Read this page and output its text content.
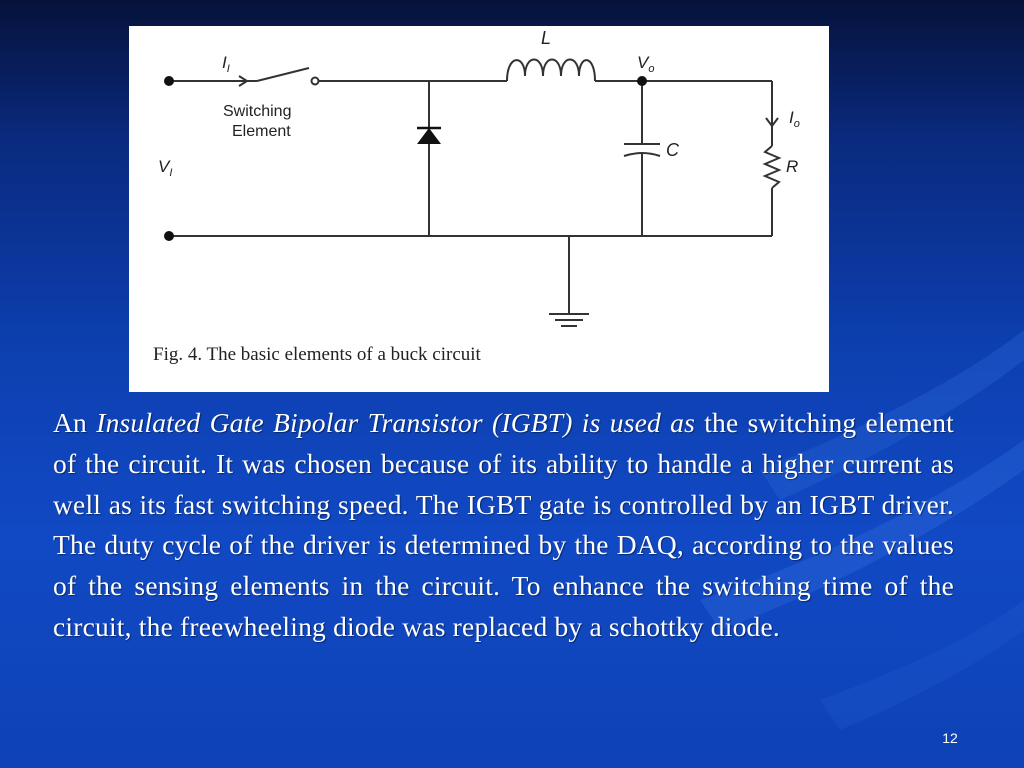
$I_I$
Switching
Element
$V_I$
L
$V_o$
C
$I_o$
R
Fig. 4. The basic elements of a buck circuit
An Insulated Gate Bipolar Transistor (IGBT) is used as the switching element of the circuit. It was chosen because of its ability to handle a higher current as well as its fast switching speed. The IGBT gate is controlled by an IGBT driver. The duty cycle of the driver is determined by the DAQ, according to the values of the sensing elements in the circuit. To enhance the switching time of the circuit, the freewheeling diode was replaced by a schottky diode.
12
